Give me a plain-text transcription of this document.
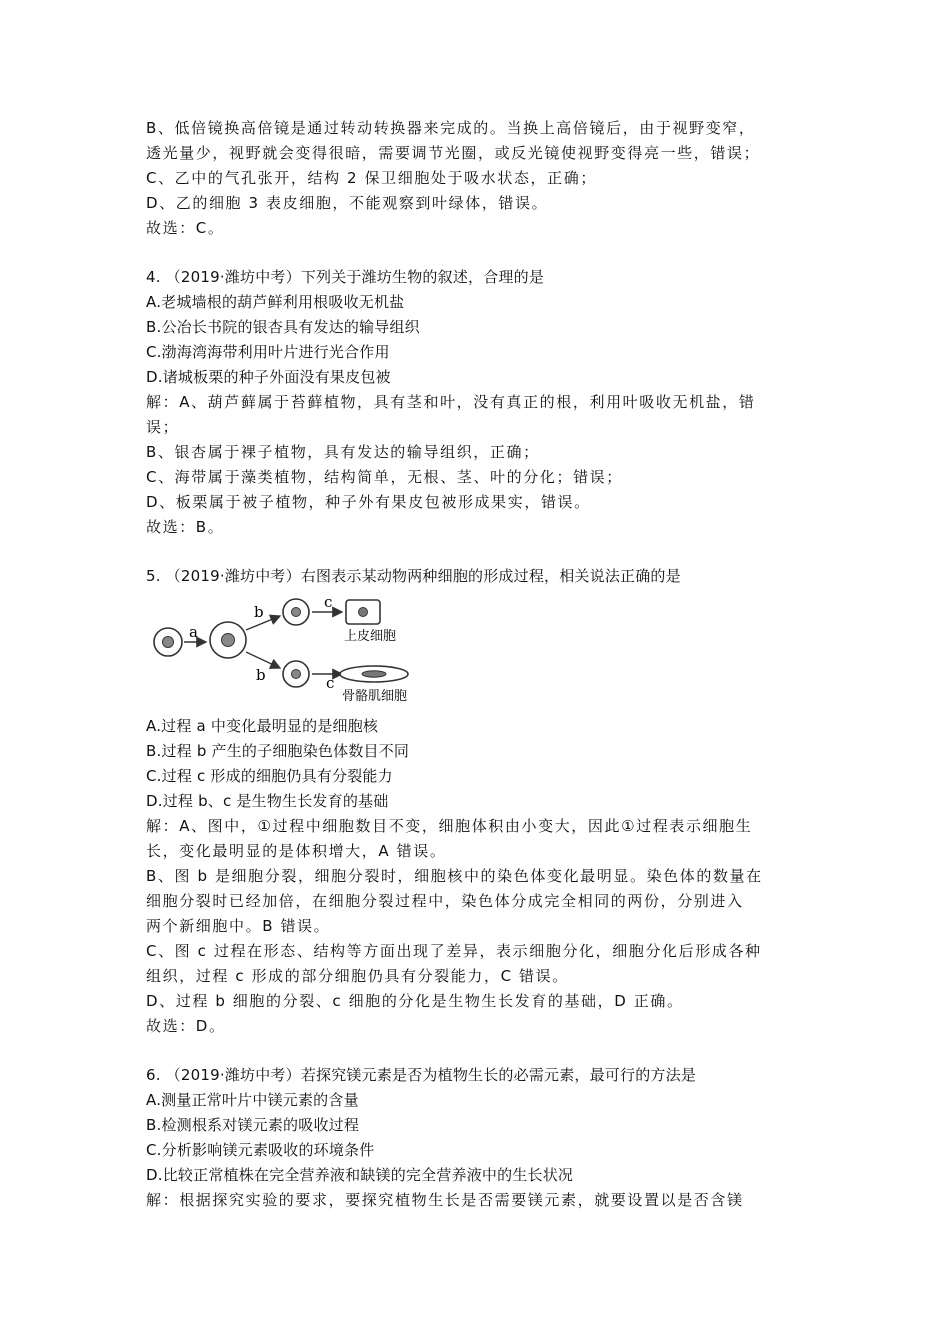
B、低倍镜换高倍镜是通过转动转换器来完成的。当换上高倍镜后，由于视野变窄，
透光量少，视野就会变得很暗，需要调节光圈，或反光镜使视野变得亮一些，错误；
C、乙中的气孔张开，结构 2 保卫细胞处于吸水状态，正确；
D、乙的细胞 3 表皮细胞，不能观察到叶绿体，错误。
故选：C。
4. （2019·潍坊中考）下列关于潍坊生物的叙述，合理的是
A.老城墙根的葫芦鲜利用根吸收无机盐
B.公冶长书院的银杏具有发达的输导组织
C.渤海湾海带利用叶片进行光合作用
D.诸城板栗的种子外面没有果皮包被
解：A、葫芦藓属于苔藓植物，具有茎和叶，没有真正的根，利用叶吸收无机盐，错
误；
B、银杏属于裸子植物，具有发达的输导组织，正确；
C、海带属于藻类植物，结构简单，无根、茎、叶的分化；错误；
D、板栗属于被子植物，种子外有果皮包被形成果实，错误。
故选：B。
5. （2019·潍坊中考）右图表示某动物两种细胞的形成过程，相关说法正确的是
a
b
b
c
c
上皮细胞
骨骼肌细胞
A.过程 a 中变化最明显的是细胞核
B.过程 b 产生的子细胞染色体数目不同
C.过程 c 形成的细胞仍具有分裂能力
D.过程 b、c 是生物生长发育的基础
解：A、图中，①过程中细胞数目不变，细胞体积由小变大，因此①过程表示细胞生
长，变化最明显的是体积增大，A 错误。
B、图 b 是细胞分裂，细胞分裂时，细胞核中的染色体变化最明显。染色体的数量在
细胞分裂时已经加倍，在细胞分裂过程中，染色体分成完全相同的两份，分别进入
两个新细胞中。B 错误。
C、图 c 过程在形态、结构等方面出现了差异，表示细胞分化，细胞分化后形成各种
组织，过程 c 形成的部分细胞仍具有分裂能力，C 错误。
D、过程 b 细胞的分裂、c 细胞的分化是生物生长发育的基础，D 正确。
故选：D。
6. （2019·潍坊中考）若探究镁元素是否为植物生长的必需元素，最可行的方法是
A.测量正常叶片中镁元素的含量
B.检测根系对镁元素的吸收过程
C.分析影响镁元素吸收的环境条件
D.比较正常植株在完全营养液和缺镁的完全营养液中的生长状况
解：根据探究实验的要求，要探究植物生长是否需要镁元素，就要设置以是否含镁
